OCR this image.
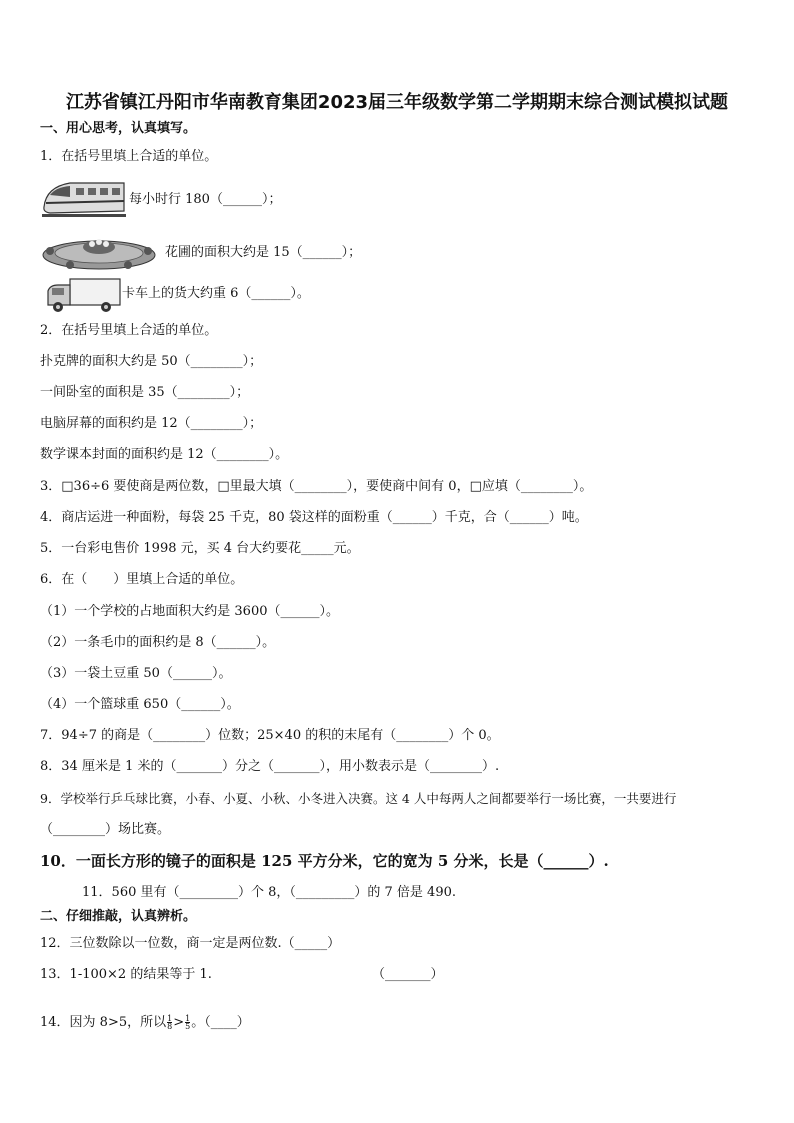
江苏省镇江丹阳市华南教育集团2023届三年级数学第二学期期末综合测试模拟试题
一、用心思考，认真填写。
1．在括号里填上合适的单位。
每小时行 180（______）；
花圃的面积大约是 15（______）；
卡车上的货大约重 6（______）。
2．在括号里填上合适的单位。
扑克牌的面积大约是 50（________）；
一间卧室的面积是 35（________）；
电脑屏幕的面积约是 12（________）；
数学课本封面的面积约是 12（________）。
3．□36÷6 要使商是两位数，□里最大填（________），要使商中间有 0，□应填（________）。
4．商店运进一种面粉，每袋 25 千克，80 袋这样的面粉重（______）千克，合（______）吨。
5．一台彩电售价 1998 元，买 4 台大约要花_____元。
6．在（　　）里填上合适的单位。
（1）一个学校的占地面积大约是 3600（______）。
（2）一条毛巾的面积约是 8（______）。
（3）一袋土豆重 50（______）。
（4）一个篮球重 650（______）。
7．94÷7 的商是（________）位数；25×40 的积的末尾有（________）个 0。
8．34 厘米是 1 米的（_______）分之（_______），用小数表示是（________）.
9．学校举行乒乓球比赛，小春、小夏、小秋、小冬进入决赛。这 4 人中每两人之间都要举行一场比赛，一共要进行
（________）场比赛。
10．一面长方形的镜子的面积是 125 平方分米，它的宽为 5 分米，长是（______）.
11．560 里有（_________）个 8，（_________）的 7 倍是 490.
二、仔细推敲，认真辨析。
12．三位数除以一位数，商一定是两位数.（_____）
13．1-100×2 的结果等于 1.	（_______）
14．因为 8>5，所以 $\frac{1}{8} > \frac{1}{5}$ 。（____）
